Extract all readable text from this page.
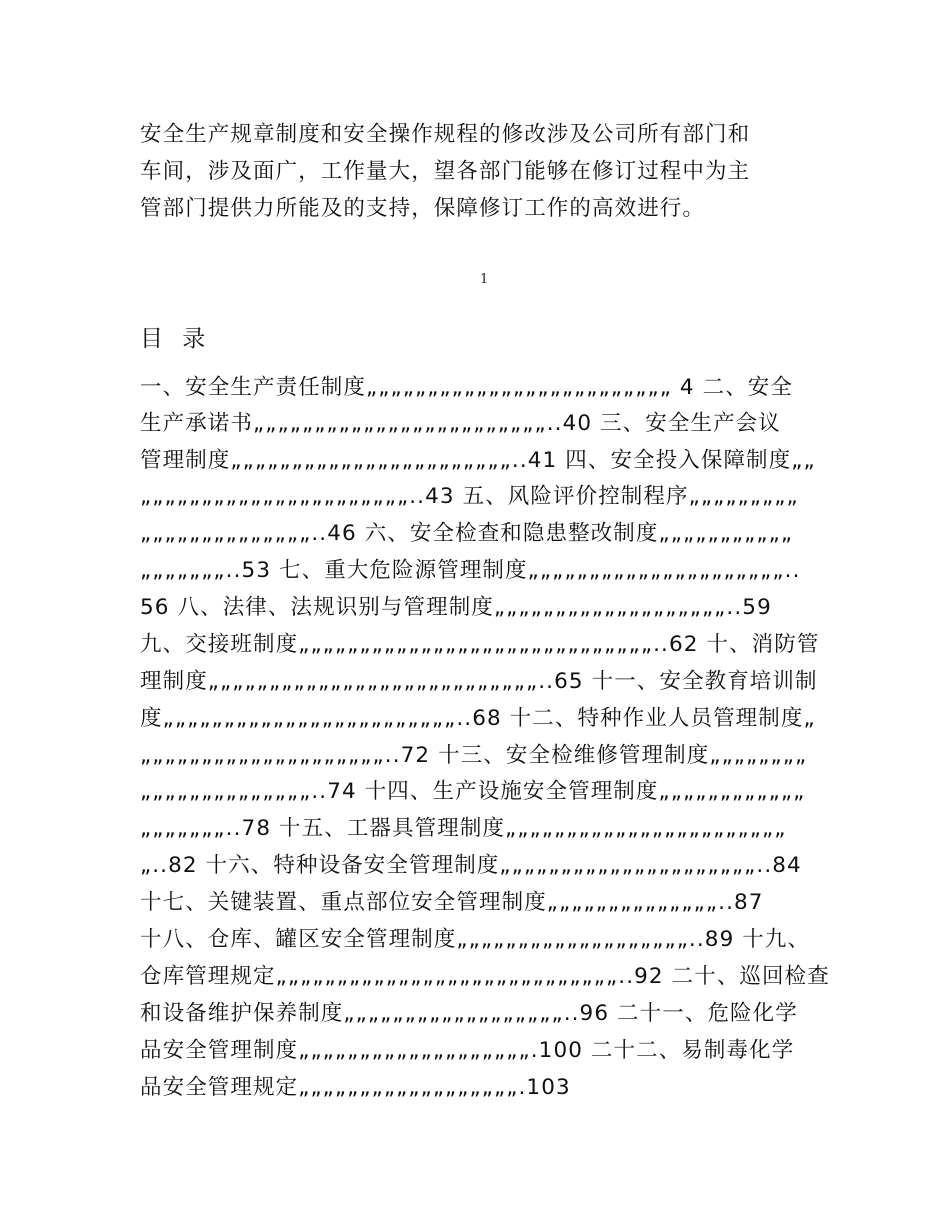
安全生产规章制度和安全操作规程的修改涉及公司所有部门和
车间，涉及面广，工作量大，望各部门能够在修订过程中为主
管部门提供力所能及的支持，保障修订工作的高效进行。
1
目 录
一、安全生产责任制度„„„„„„„„„„„„„„„„„„„„„„„„„ 4 二、安全
生产承诺书„„„„„„„„„„„„„„„„„„„„„„„„..40 三、安全生产会议
管理制度„„„„„„„„„„„„„„„„„„„„„„„..41 四、安全投入保障制度„„
„„„„„„„„„„„„„„„„„„„„„„..43 五、风险评价控制程序„„„„„„„„„
„„„„„„„„„„„„„„..46 六、安全检查和隐患整改制度„„„„„„„„„„„
„„„„„„„..53 七、重大危险源管理制度„„„„„„„„„„„„„„„„„„„„„..
56 八、法律、法规识别与管理制度„„„„„„„„„„„„„„„„„„„..59
九、交接班制度„„„„„„„„„„„„„„„„„„„„„„„„„„„„„..62 十、消防管
理制度„„„„„„„„„„„„„„„„„„„„„„„„„„„..65 十一、安全教育培训制
度„„„„„„„„„„„„„„„„„„„„„„„„..68 十二、特种作业人员管理制度„
„„„„„„„„„„„„„„„„„„„„..72 十三、安全检维修管理制度„„„„„„„„
„„„„„„„„„„„„„„..74 十四、生产设施安全管理制度„„„„„„„„„„„„
„„„„„„„..78 十五、工器具管理制度„„„„„„„„„„„„„„„„„„„„„„„
„..82 十六、特种设备安全管理制度„„„„„„„„„„„„„„„„„„„„„..84
十七、关键装置、重点部位安全管理制度„„„„„„„„„„„„„„..87
十八、仓库、罐区安全管理制度„„„„„„„„„„„„„„„„„„„..89 十九、
仓库管理规定„„„„„„„„„„„„„„„„„„„„„„„„„„„„..92 二十、巡回检查
和设备维护保养制度„„„„„„„„„„„„„„„„„„..96 二十一、危险化学
品安全管理制度„„„„„„„„„„„„„„„„„„„.100 二十二、易制毒化学
品安全管理规定„„„„„„„„„„„„„„„„„„.103
